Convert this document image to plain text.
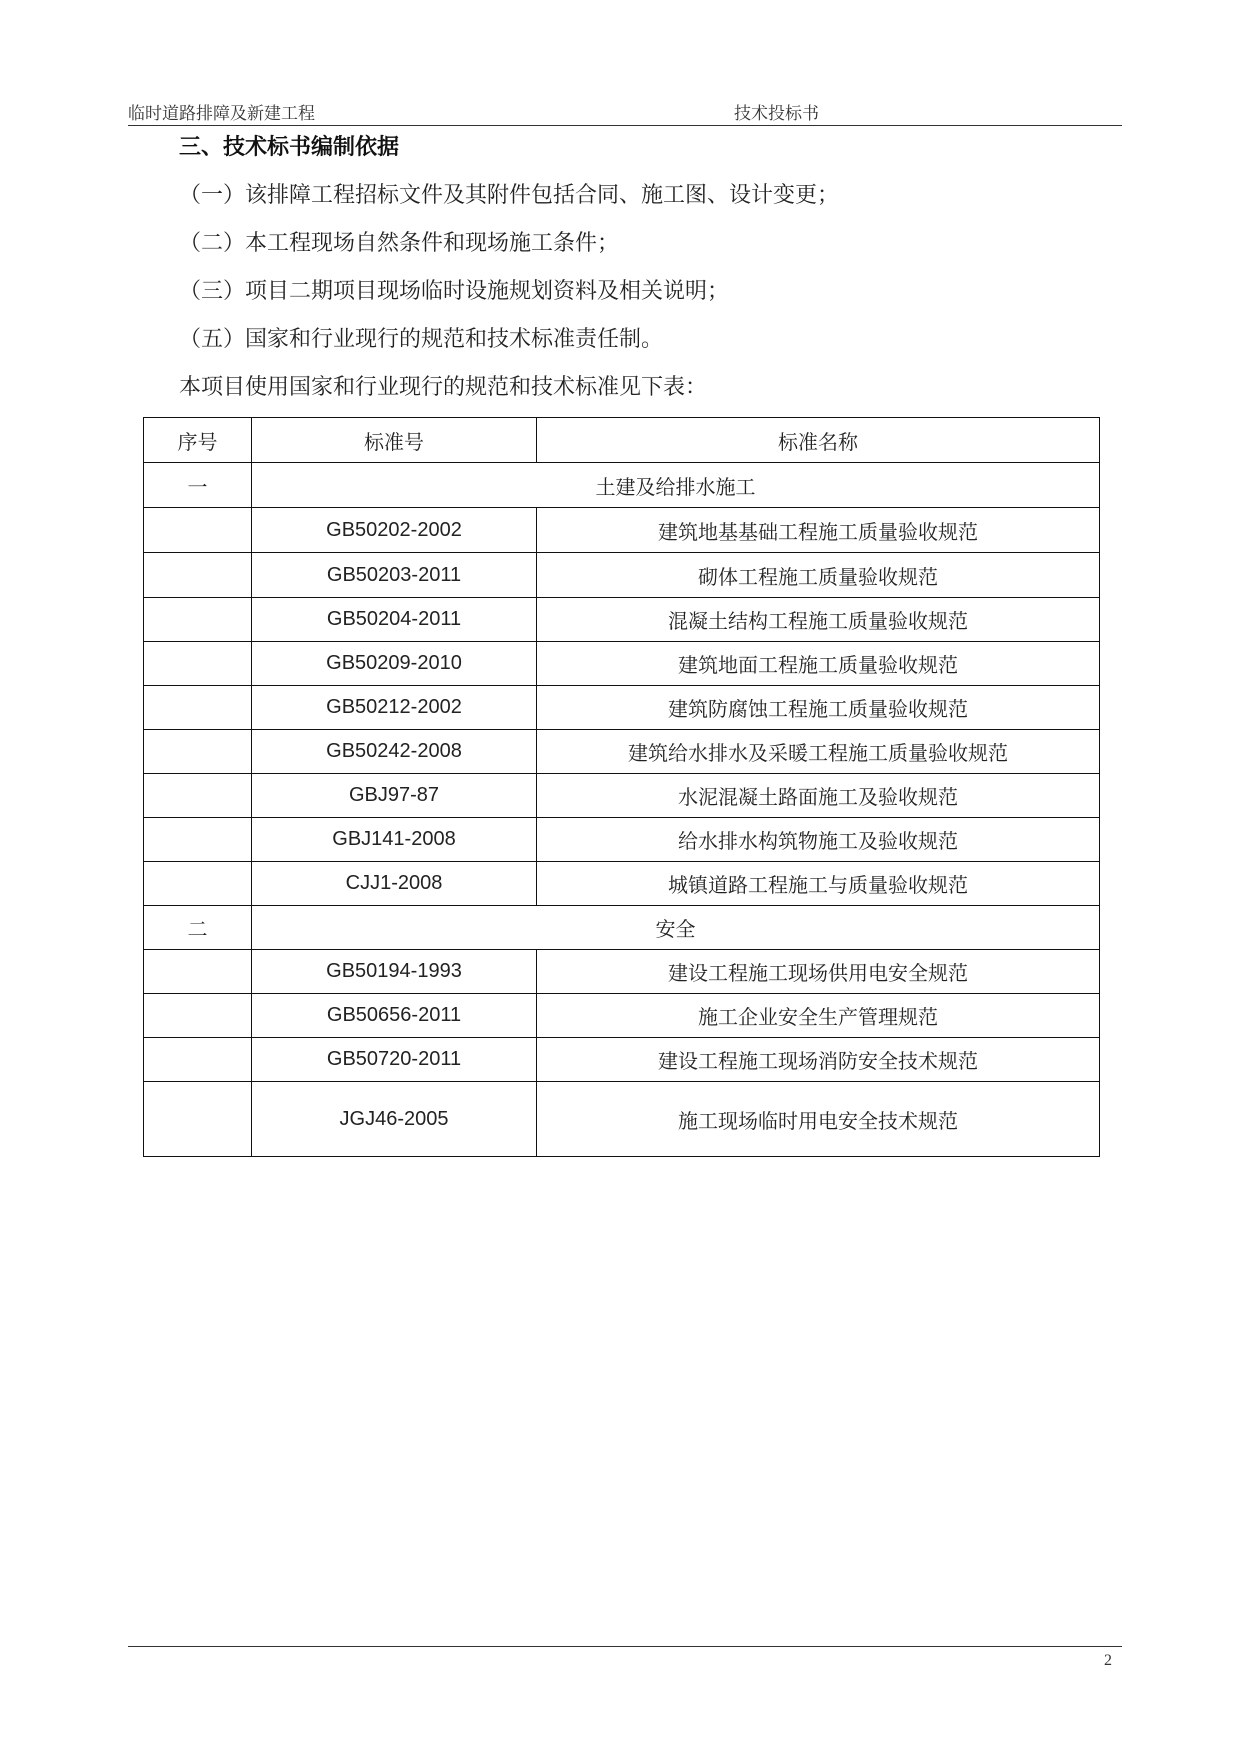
临时道路排障及新建工程	技术投标书
三、技术标书编制依据
（一）该排障工程招标文件及其附件包括合同、施工图、设计变更；
（二）本工程现场自然条件和现场施工条件；
（三）项目二期项目现场临时设施规划资料及相关说明；
（五）国家和行业现行的规范和技术标准责任制。
本项目使用国家和行业现行的规范和技术标准见下表：
序号	标准号	标准名称
一	土建及给排水施工	
	GB50202-2002	建筑地基基础工程施工质量验收规范
	GB50203-2011	砌体工程施工质量验收规范
	GB50204-2011	混凝土结构工程施工质量验收规范
	GB50209-2010	建筑地面工程施工质量验收规范
	GB50212-2002	建筑防腐蚀工程施工质量验收规范
	GB50242-2008	建筑给水排水及采暖工程施工质量验收规范
	GBJ97-87	水泥混凝土路面施工及验收规范
	GBJ141-2008	给水排水构筑物施工及验收规范
	CJJ1-2008	城镇道路工程施工与质量验收规范
二	安全	
	GB50194-1993	建设工程施工现场供用电安全规范
	GB50656-2011	施工企业安全生产管理规范
	GB50720-2011	建设工程施工现场消防安全技术规范
	JGJ46-2005	施工现场临时用电安全技术规范
2
